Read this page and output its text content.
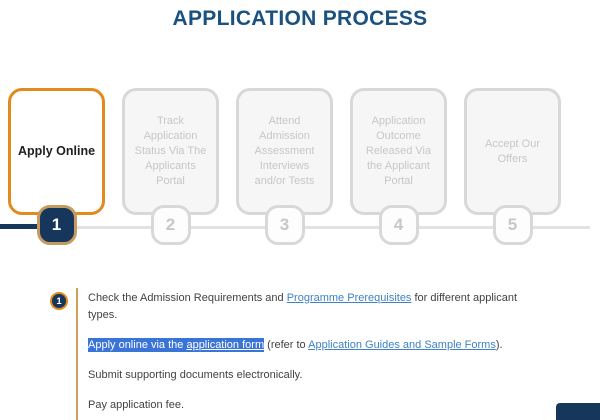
APPLICATION PROCESS
Apply Online
1
Track Application Status Via The Applicants Portal
2
Attend Admission Assessment Interviews and/or Tests
3
Application Outcome Released Via the Applicant Portal
4
Accept Our Offers
5
1 Check the Admission Requirements and Programme Prerequisites for different applicant types.

Apply online via the application form (refer to Application Guides and Sample Forms).

Submit supporting documents electronically.

Pay application fee.
